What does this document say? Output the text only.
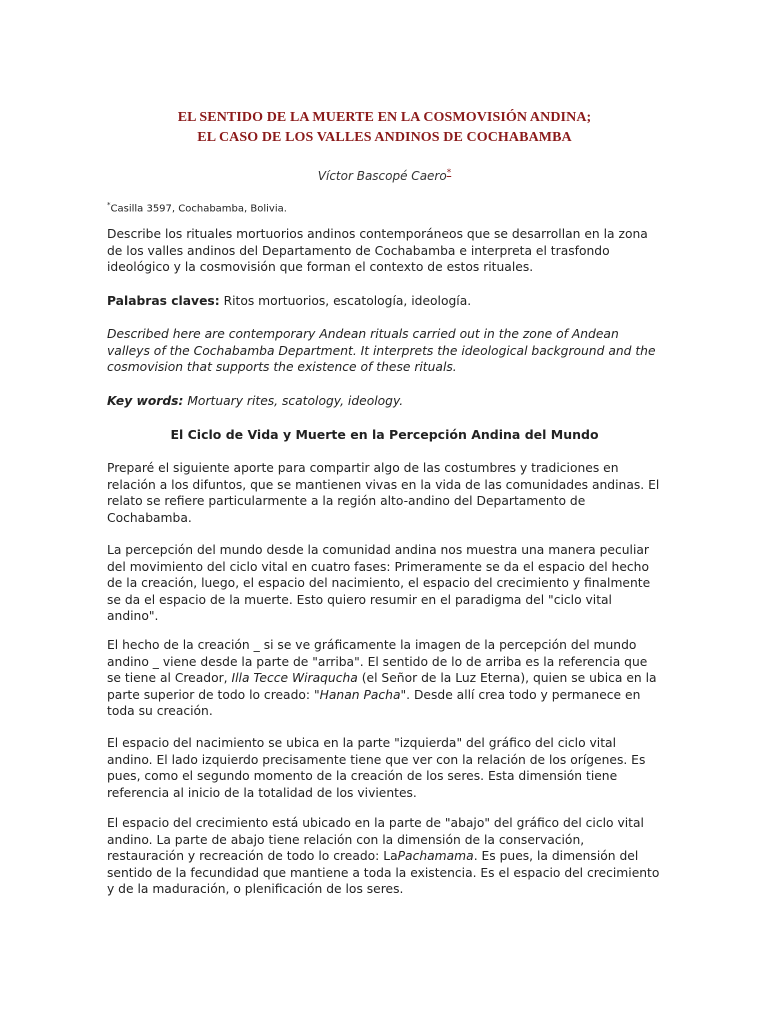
EL SENTIDO DE LA MUERTE EN LA COSMOVISIÓN ANDINA;
EL CASO DE LOS VALLES ANDINOS DE COCHABAMBA
Víctor Bascopé Caero*
*Casilla 3597, Cochabamba, Bolivia.

Describe los rituales mortuorios andinos contemporáneos que se desarrollan en la zona de los valles andinos del Departamento de Cochabamba e interpreta el trasfondo ideológico y la cosmovisión que forman el contexto de estos rituales.

Palabras claves: Ritos mortuorios, escatología, ideología.

Described here are contemporary Andean rituals carried out in the zone of Andean valleys of the Cochabamba Department. It interprets the ideological background and the cosmovision that supports the existence of these rituals.

Key words: Mortuary rites, scatology, ideology.

El Ciclo de Vida y Muerte en la Percepción Andina del Mundo

Preparé el siguiente aporte para compartir algo de las costumbres y tradiciones en relación a los difuntos, que se mantienen vivas en la vida de las comunidades andinas. El relato se refiere particularmente a la región alto-andino del Departamento de Cochabamba.

La percepción del mundo desde la comunidad andina nos muestra una manera peculiar del movimiento del ciclo vital en cuatro fases: Primeramente se da el espacio del hecho de la creación, luego, el espacio del nacimiento, el espacio del crecimiento y finalmente se da el espacio de la muerte. Esto quiero resumir en el paradigma del "ciclo vital andino".

El hecho de la creación _ si se ve gráficamente la imagen de la percepción del mundo andino _ viene desde la parte de "arriba". El sentido de lo de arriba es la referencia que se tiene al Creador, Illa Tecce Wiraqucha (el Señor de la Luz Eterna), quien se ubica en la parte superior de todo lo creado: "Hanan Pacha". Desde allí crea todo y permanece en toda su creación.

El espacio del nacimiento se ubica en la parte "izquierda" del gráfico del ciclo vital andino. El lado izquierdo precisamente tiene que ver con la relación de los orígenes. Es pues, como el segundo momento de la creación de los seres. Esta dimensión tiene referencia al inicio de la totalidad de los vivientes.

El espacio del crecimiento está ubicado en la parte de "abajo" del gráfico del ciclo vital andino. La parte de abajo tiene relación con la dimensión de la conservación, restauración y recreación de todo lo creado: LaPachamama. Es pues, la dimensión del sentido de la fecundidad que mantiene a toda la existencia. Es el espacio del crecimiento y de la maduración, o plenificación de los seres.
